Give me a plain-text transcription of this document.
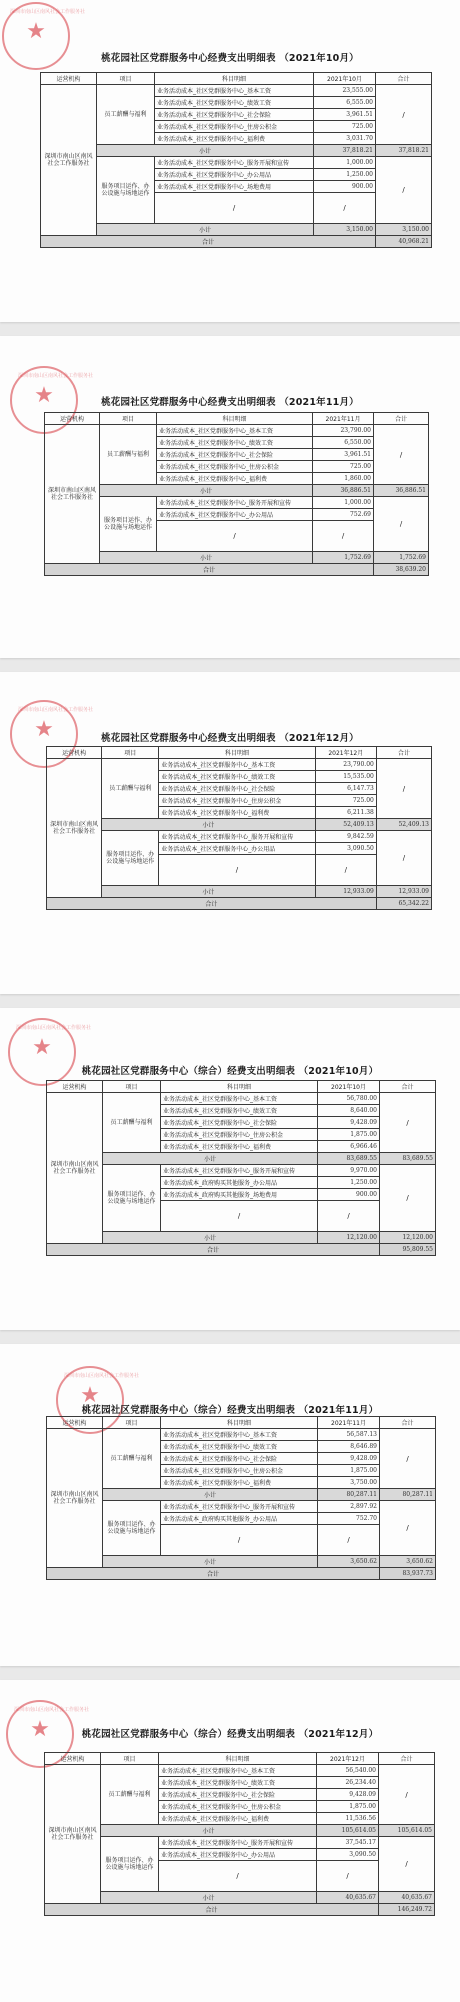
深圳市南山区南风社会工作服务社
★
桃花园社区党群服务中心经费支出明细表 （2021年10月）
运营机构	项目	科目明细	2021年10月	合计
深圳市南山区南风社会工作服务社	员工薪酬与福利	业务活动成本_社区党群服务中心_基本工资	23,555.00	/
		业务活动成本_社区党群服务中心_绩效工资	6,555.00	
		业务活动成本_社区党群服务中心_社会保险	3,961.51	
		业务活动成本_社区党群服务中心_住房公积金	725.00	
		业务活动成本_社区党群服务中心_福利费	3,031.70	
	小计		37,818.21	37,818.21
	服务项目运作、办公设施与场地运作	业务活动成本_社区党群服务中心_服务开展和宣传	1,000.00	/
		业务活动成本_社区党群服务中心_办公用品	1,250.00	
		业务活动成本_社区党群服务中心_场地费用	900.00	
		/	/	
	小计		3,150.00	3,150.00
合计				40,968.21
深圳市南山区南风社会工作服务社
★	桃花园社区党群服务中心经费支出明细表 （2021年11月）
运营机构	项目	科目明细	2021年11月	合计
深圳市南山区南风社会工作服务社	员工薪酬与福利	业务活动成本_社区党群服务中心_基本工资	23,790.00	/
		业务活动成本_社区党群服务中心_绩效工资	6,550.00	
		业务活动成本_社区党群服务中心_社会保险	3,961.51	
		业务活动成本_社区党群服务中心_住房公积金	725.00	
		业务活动成本_社区党群服务中心_福利费	1,860.00	
	小计		36,886.51	36,886.51
	服务项目运作、办公设施与场地运作	业务活动成本_社区党群服务中心_服务开展和宣传	1,000.00	/
		业务活动成本_社区党群服务中心_办公用品	752.69	
		/	/	
	小计		1,752.69	1,752.69
合计				38,639.20
深圳市南山区南风社会工作服务社
★	桃花园社区党群服务中心经费支出明细表 （2021年12月）
运营机构	项目	科目明细	2021年12月	合计
深圳市南山区南风社会工作服务社	员工薪酬与福利	业务活动成本_社区党群服务中心_基本工资	23,790.00	/
		业务活动成本_社区党群服务中心_绩效工资	15,535.00	
		业务活动成本_社区党群服务中心_社会保险	6,147.73	
		业务活动成本_社区党群服务中心_住房公积金	725.00	
		业务活动成本_社区党群服务中心_福利费	6,211.38	
	小计		52,409.13	52,409.13
	服务项目运作、办公设施与场地运作	业务活动成本_社区党群服务中心_服务开展和宣传	9,842.59	/
		业务活动成本_社区党群服务中心_办公用品	3,090.50	
		/	/	
	小计		12,933.09	12,933.09
合计				65,342.22
深圳市南山区南风社会工作服务社
★
桃花园社区党群服务中心（综合）经费支出明细表 （2021年10月）
运营机构	项目	科目明细	2021年10月	合计
深圳市南山区南风社会工作服务社	员工薪酬与福利	业务活动成本_社区党群服务中心_基本工资	56,780.00	/
		业务活动成本_社区党群服务中心_绩效工资	8,640.00	
		业务活动成本_社区党群服务中心_社会保险	9,428.09	
		业务活动成本_社区党群服务中心_住房公积金	1,875.00	
		业务活动成本_社区党群服务中心_福利费	6,966.46	
	小计		83,689.55	83,689.55
	服务项目运作、办公设施与场地运作	业务活动成本_社区党群服务中心_服务开展和宣传	9,970.00	/
		业务活动成本_政府购买其他服务_办公用品	1,250.00	
		业务活动成本_政府购买其他服务_场地费用	900.00	
		/	/	
	小计		12,120.00	12,120.00
合计				95,809.55
深圳市南山区南风社会工作服务社
★
桃花园社区党群服务中心（综合）经费支出明细表 （2021年11月）
运营机构	项目	科目明细	2021年11月	合计
深圳市南山区南风社会工作服务社	员工薪酬与福利	业务活动成本_社区党群服务中心_基本工资	56,587.13	/
		业务活动成本_社区党群服务中心_绩效工资	8,646.89	
		业务活动成本_社区党群服务中心_社会保险	9,428.09	
		业务活动成本_社区党群服务中心_住房公积金	1,875.00	
		业务活动成本_社区党群服务中心_福利费	3,750.00	
	小计		80,287.11	80,287.11
	服务项目运作、办公设施与场地运作	业务活动成本_社区党群服务中心_服务开展和宣传	2,897.92	/
		业务活动成本_政府购买其他服务_办公用品	752.70	
		/	/	
	小计		3,650.62	3,650.62
合计				83,937.73
深圳市南山区南风社会工作服务社
★	桃花园社区党群服务中心（综合）经费支出明细表 （2021年12月）
运营机构	项目	科目明细	2021年12月	合计
深圳市南山区南风社会工作服务社	员工薪酬与福利	业务活动成本_社区党群服务中心_基本工资	56,540.00	/
		业务活动成本_社区党群服务中心_绩效工资	26,234.40	
		业务活动成本_社区党群服务中心_社会保险	9,428.09	
		业务活动成本_社区党群服务中心_住房公积金	1,875.00	
		业务活动成本_社区党群服务中心_福利费	11,536.56	
	小计		105,614.05	105,614.05
	服务项目运作、办公设施与场地运作	业务活动成本_社区党群服务中心_服务开展和宣传	37,545.17	/
		业务活动成本_社区党群服务中心_办公用品	3,090.50	
		/	/	
	小计		40,635.67	40,635.67
合计				146,249.72
